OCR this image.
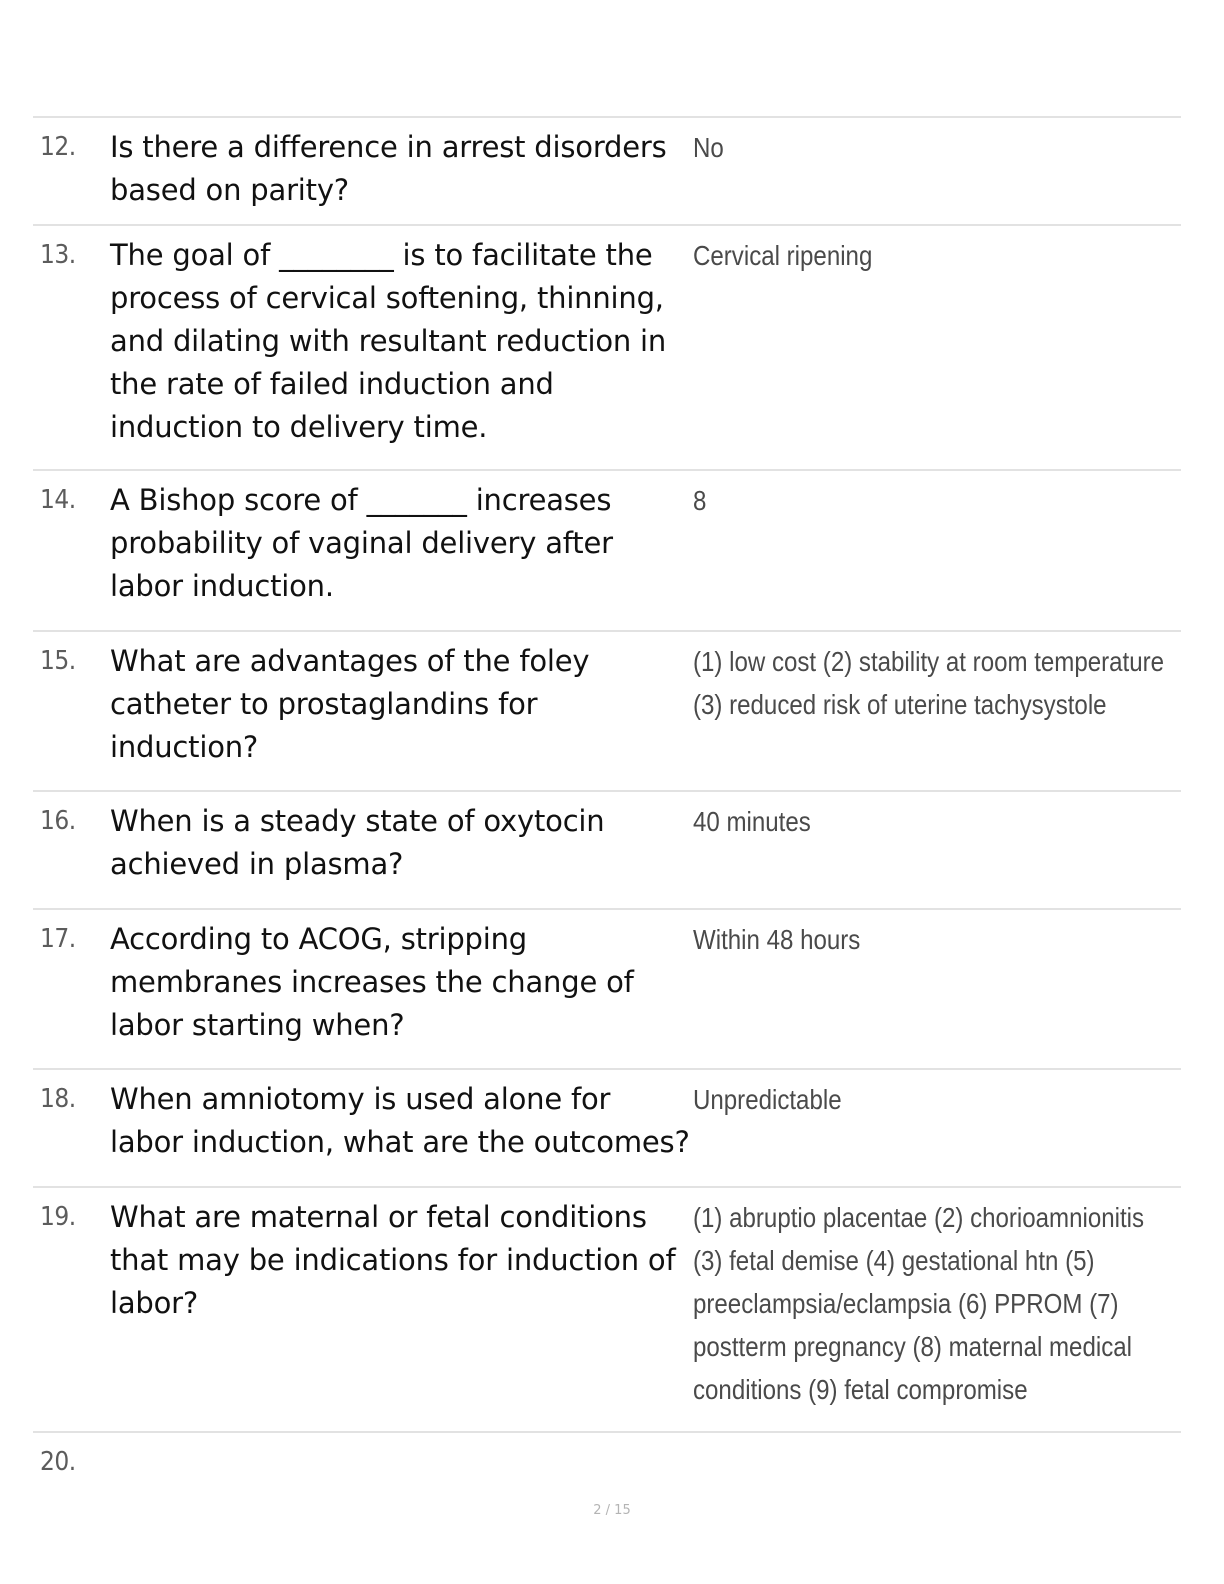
12. Is there a difference in arrest disorders based on parity?
No
13. The goal of ________ is to facilitate the process of cervical softening, thinning, and dilating with resultant reduction in the rate of failed induction and induction to delivery time.
Cervical ripening
14. A Bishop score of _______ increases probability of vaginal delivery after labor induction.
8
15. What are advantages of the foley catheter to prostaglandins for induction?
(1) low cost (2) stability at room temperature (3) reduced risk of uterine tachysystole
16. When is a steady state of oxytocin achieved in plasma?
40 minutes
17. According to ACOG, stripping membranes increases the change of labor starting when?
Within 48 hours
18. When amniotomy is used alone for labor induction, what are the outcomes?
Unpredictable
19. What are maternal or fetal conditions that may be indications for induction of labor?
(1) abruptio placentae (2) chorioamnionitis (3) fetal demise (4) gestational htn (5) preeclampsia/eclampsia (6) PPROM (7) postterm pregnancy (8) maternal medical conditions (9) fetal compromise
20.
2 / 15
